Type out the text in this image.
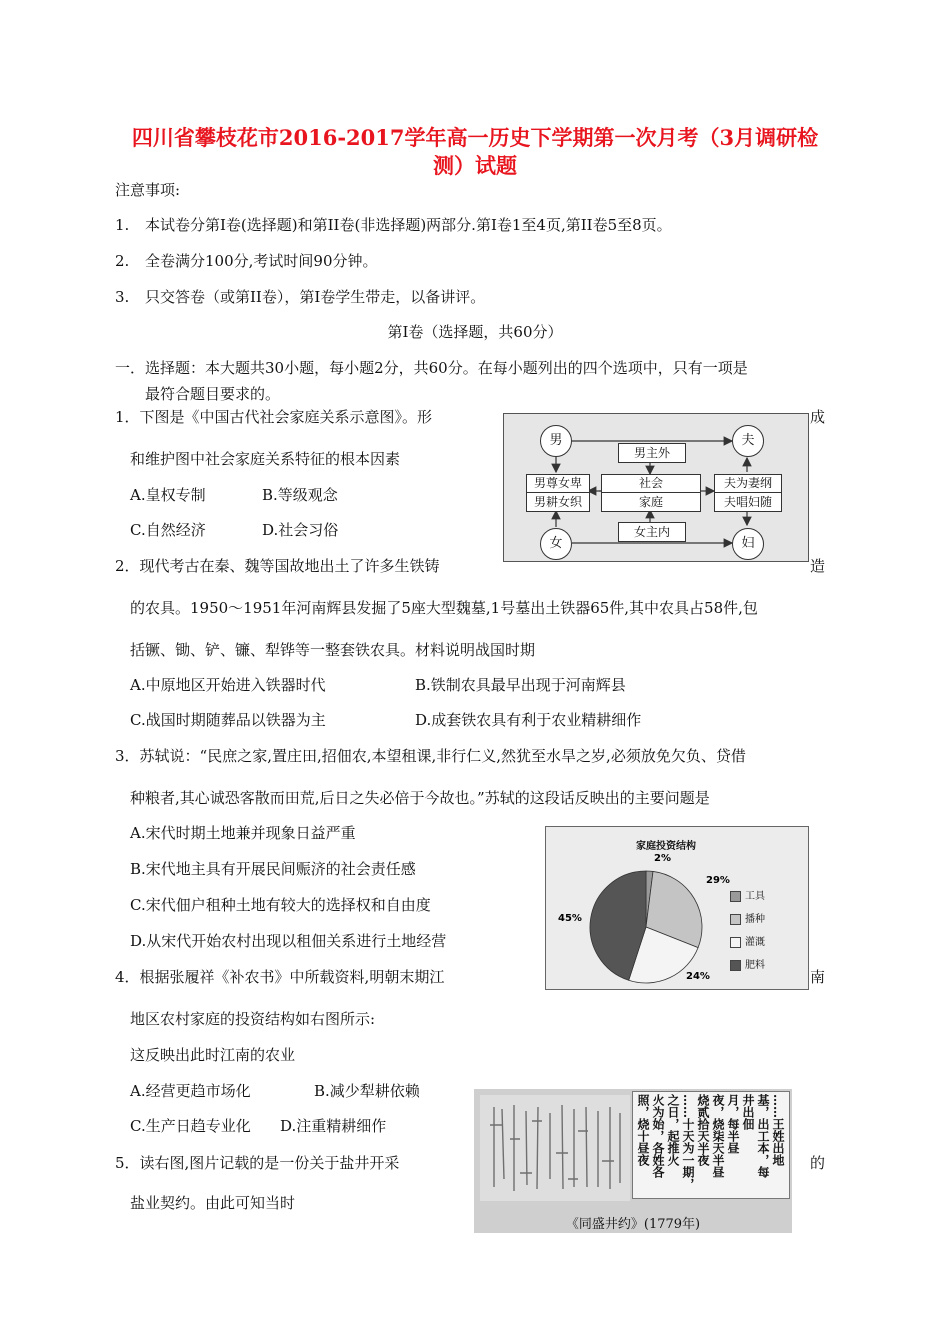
四川省攀枝花市2016-2017学年高一历史下学期第一次月考（3月调研检
测）试题
注意事项:
1. 本试卷分第I卷(选择题)和第II卷(非选择题)两部分.第I卷1至4页,第II卷5至8页。
2. 全卷满分100分,考试时间90分钟。
3. 只交答卷（或第II卷），第I卷学生带走，以备讲评。
第I卷（选择题，共60分）
一．选择题：本大题共30小题，每小题2分，共60分。在每小题列出的四个选项中，只有一项是
最符合题目要求的。
1．下图是《中国古代社会家庭关系示意图》。形	成
和维护图中社会家庭关系特征的根本因素
A.皇权专制	B.等级观念
C.自然经济	D.社会习俗
男	夫
女	妇
男主外
女主内
社会
家庭
男尊女卑
男耕女织
夫为妻纲
夫唱妇随
2．现代考古在秦、魏等国故地出土了许多生铁铸	造
的农具。1950～1951年河南辉县发掘了5座大型魏墓,1号墓出土铁器65件,其中农具占58件,包
括镢、锄、铲、镰、犁铧等一整套铁农具。材料说明战国时期
A.中原地区开始进入铁器时代	B.铁制农具最早出现于河南辉县
C.战国时期随葬品以铁器为主	D.成套铁农具有利于农业精耕细作
3．苏轼说：“民庶之家,置庄田,招佃农,本望租课,非行仁义,然犹至水旱之岁,必须放免欠负、贷借
种粮者,其心诚恐客散而田荒,后日之失必倍于今故也。”苏轼的这段话反映出的主要问题是
A.宋代时期土地兼并现象日益严重
B.宋代地主具有开展民间赈济的社会责任感
C.宋代佃户租种土地有较大的选择权和自由度
D.从宋代开始农村出现以租佃关系进行土地经营
家庭投资结构
2%
29%
24%
45%
工具
播种
灌溉
肥料
4．根据张履祥《补农书》中所载资料,明朝末期江	南
地区农村家庭的投资结构如右图所示:
这反映出此时江南的农业
A.经营更趋市场化	B.减少犁耕依赖
C.生产日趋专业化 D.注重精耕细作
5．读右图,图片记载的是一份关于盐井开采	的
盐业契约。由此可知当时
……王姓出地
基，出工本，每
井出佃
月，每半昼
夜，烧柒天半昼
烧贰拾天半夜
……十天为一期，
之日，起推火
火为始，各姓各
照，烧十昼夜
《同盛井约》(1779年)
